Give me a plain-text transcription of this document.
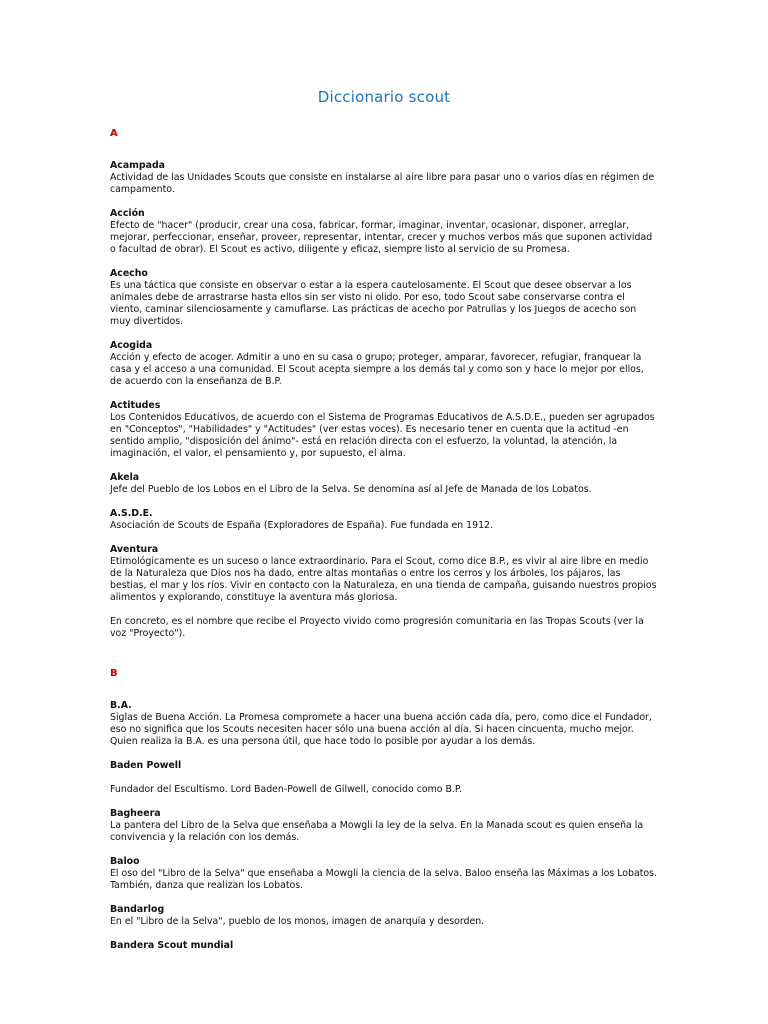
Diccionario scout
A
Acampada
Actividad de las Unidades Scouts que consiste en instalarse al aire libre para pasar uno o varios días en régimen de campamento.
Acción
Efecto de "hacer" (producir, crear una cosa, fabricar, formar, imaginar, inventar, ocasionar, disponer, arreglar, mejorar, perfeccionar, enseñar, proveer, representar, intentar, crecer y muchos verbos más que suponen actividad o facultad de obrar). El Scout es activo, diligente y eficaz, siempre listo al servicio de su Promesa.
Acecho
Es una táctica que consiste en observar o estar a la espera cautelosamente. El Scout que desee observar a los animales debe de arrastrarse hasta ellos sin ser visto ni olido. Por eso, todo Scout sabe conservarse contra el viento, caminar silenciosamente y camuflarse. Las prácticas de acecho por Patrullas y los Juegos de acecho son muy divertidos.
Acogida
Acción y efecto de acoger. Admitir a uno en su casa o grupo; proteger, amparar, favorecer, refugiar, franquear la casa y el acceso a una comunidad. El Scout acepta siempre a los demás tal y como son y hace lo mejor por ellos, de acuerdo con la enseñanza de B.P.
Actitudes
Los Contenidos Educativos, de acuerdo con el Sistema de Programas Educativos de A.S.D.E., pueden ser agrupados en "Conceptos", "Habilidades" y "Actitudes" (ver estas voces). Es necesario tener en cuenta que la actitud -en sentido amplio, "disposición del ánimo"- está en relación directa con el esfuerzo, la voluntad, la atención, la imaginación, el valor, el pensamiento y, por supuesto, el alma.
Akela
Jefe del Pueblo de los Lobos en el Libro de la Selva. Se denomina así al Jefe de Manada de los Lobatos.
A.S.D.E.
Asociación de Scouts de España (Exploradores de España). Fue fundada en 1912.
Aventura
Etimológicamente es un suceso o lance extraordinario. Para el Scout, como dice B.P., es vivir al aire libre en medio de la Naturaleza que Dios nos ha dado, entre altas montañas o entre los cerros y los árboles, los pájaros, las bestias, el mar y los ríos. Vivir en contacto con la Naturaleza, en una tienda de campaña, guisando nuestros propios alimentos y explorando, constituye la aventura más gloriosa.
En concreto, es el nombre que recibe el Proyecto vivido como progresión comunitaria en las Tropas Scouts (ver la voz "Proyecto").
B
B.A.
Siglas de Buena Acción. La Promesa compromete a hacer una buena acción cada día, pero, como dice el Fundador, eso no significa que los Scouts necesiten hacer sólo una buena acción al día. Si hacen cincuenta, mucho mejor. Quien realiza la B.A. es una persona útil, que hace todo lo posible por ayudar a los demás.
Baden Powell
Fundador del Escultismo. Lord Baden-Powell de Gilwell, conocido como B.P.
Bagheera
La pantera del Libro de la Selva que enseñaba a Mowgli la ley de la selva. En la Manada scout es quien enseña la convivencia y la relación con los demás.
Baloo
El oso del "Libro de la Selva" que enseñaba a Mowgli la ciencia de la selva. Baloo enseña las Máximas a los Lobatos. También, danza que realizan los Lobatos.
Bandarlog
En el "Libro de la Selva", pueblo de los monos, imagen de anarquía y desorden.
Bandera Scout mundial
